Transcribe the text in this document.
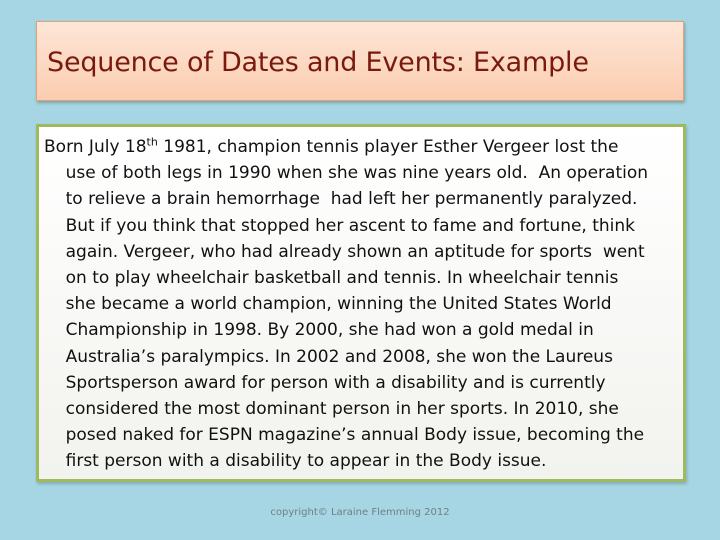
Sequence of Dates and Events: Example

Born July 18th 1981, champion tennis player Esther Vergeer lost the
use of both legs in 1990 when she was nine years old.  An operation
to relieve a brain hemorrhage  had left her permanently paralyzed.
But if you think that stopped her ascent to fame and fortune, think
again. Vergeer, who had already shown an aptitude for sports  went
on to play wheelchair basketball and tennis. In wheelchair tennis
she became a world champion, winning the United States World
Championship in 1998. By 2000, she had won a gold medal in
Australia’s paralympics. In 2002 and 2008, she won the Laureus
Sportsperson award for person with a disability and is currently
considered the most dominant person in her sports. In 2010, she
posed naked for ESPN magazine’s annual Body issue, becoming the
first person with a disability to appear in the Body issue.

copyright© Laraine Flemming 2012
